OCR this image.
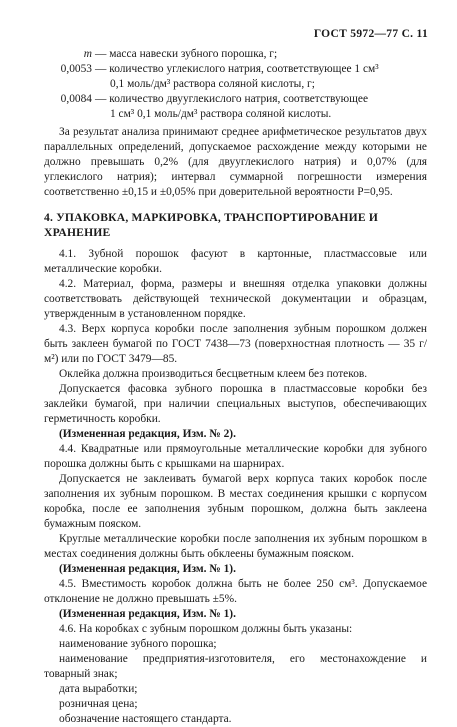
ГОСТ 5972—77 С. 11
m — масса навески зубного порошка, г;
0,0053 — количество углекислого натрия, соответствующее 1 см³

0,1 моль/дм³ раствора соляной кислоты, г;

0,0084 — количество двууглекислого натрия, соответствующее

1 см³ 0,1 моль/дм³ раствора соляной кислоты.

За результат анализа принимают среднее арифметическое результатов двух параллельных определений, допускаемое расхождение между которыми не должно превышать 0,2% (для двууглекислого натрия) и 0,07% (для углекислого натрия); интервал суммарной погрешности измерения соответственно ±0,15 и ±0,05% при доверительной вероятности P=0,95.

4. УПАКОВКА, МАРКИРОВКА, ТРАНСПОРТИРОВАНИЕ И ХРАНЕНИЕ

4.1. Зубной порошок фасуют в картонные, пластмассовые или металлические коробки.

4.2. Материал, форма, размеры и внешняя отделка упаковки должны соответствовать действующей технической документации и образцам, утвержденным в установленном порядке.

4.3. Верх корпуса коробки после заполнения зубным порошком должен быть заклеен бумагой по ГОСТ 7438—73 (поверхностная плотность — 35 г/м²) или по ГОСТ 3479—85.

Оклейка должна производиться бесцветным клеем без потеков.

Допускается фасовка зубного порошка в пластмассовые коробки без заклейки бумагой, при наличии специальных выступов, обеспечивающих герметичность коробки.

(Измененная редакция, Изм. № 2).

4.4. Квадратные или прямоугольные металлические коробки для зубного порошка должны быть с крышками на шарнирах.

Допускается не заклеивать бумагой верх корпуса таких коробок после заполнения их зубным порошком. В местах соединения крышки с корпусом коробка, после ее заполнения зубным порошком, должна быть заклеена бумажным пояском.

Круглые металлические коробки после заполнения их зубным порошком в местах соединения должны быть обклеены бумажным пояском.

(Измененная редакция, Изм. № 1).

4.5. Вместимость коробок должна быть не более 250 см³. Допускаемое отклонение не должно превышать ±5%.

(Измененная редакция, Изм. № 1).

4.6. На коробках с зубным порошком должны быть указаны:

наименование зубного порошка;

наименование предприятия-изготовителя, его местонахождение и товарный знак;

дата выработки;

розничная цена;

обозначение настоящего стандарта.
